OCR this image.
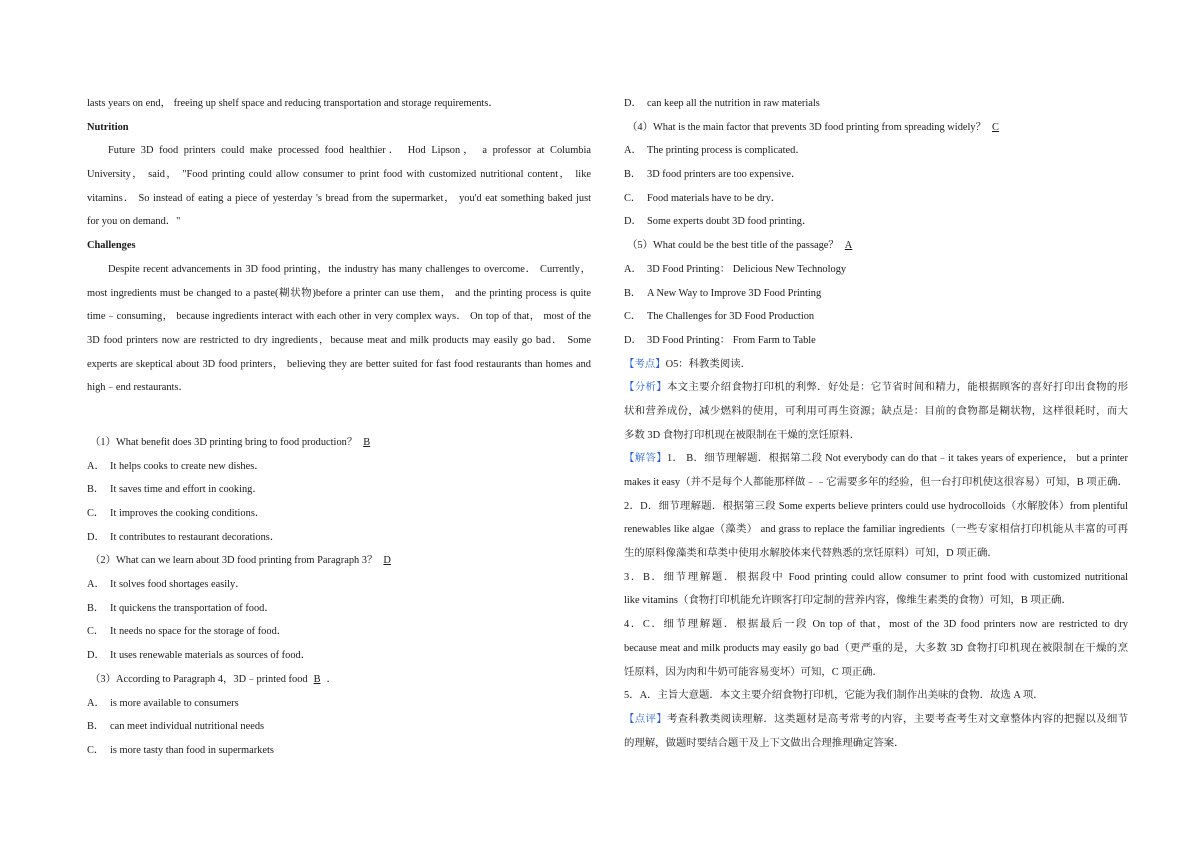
lasts years on end， freeing up shelf space and reducing transportation and storage requirements．
Nutrition
Future 3D food printers could make processed food healthier． Hod Lipson， a professor at Columbia
University， said， "Food printing could allow consumer to print food with customized nutritional content， like
vitamins． So instead of eating a piece of yesterday 's bread from the supermarket， you'd eat something baked just
for you on demand．"
Challenges
Despite recent advancements in 3D food printing，the industry has many challenges to overcome． Currently，
most ingredients must be changed to a paste(糊状物)before a printer can use them， and the printing process is quite
time﹣consuming， because ingredients interact with each other in very complex ways． On top of that， most of the
3D food printers now are restricted to dry ingredients，because meat and milk products may easily go bad． Some
experts are skeptical about 3D food printers， believing they are better suited for fast food restaurants than homes and
high﹣end restaurants．
（1）What benefit does 3D printing bring to food production？ B
A． It helps cooks to create new dishes．
B． It saves time and effort in cooking．
C． It improves the cooking conditions．
D． It contributes to restaurant decorations．
（2）What can we learn about 3D food printing from Paragraph 3？ D
A． It solves food shortages easily．
B． It quickens the transportation of food．
C． It needs no space for the storage of food．
D． It uses renewable materials as sources of food．
（3）According to Paragraph 4，3D﹣printed food B ．
A． is more available to consumers
B． can meet individual nutritional needs
C． is more tasty than food in supermarkets
D． can keep all the nutrition in raw materials
（4）What is the main factor that prevents 3D food printing from spreading widely？ C
A． The printing process is complicated．
B． 3D food printers are too expensive．
C． Food materials have to be dry．
D． Some experts doubt 3D food printing．
（5）What could be the best title of the passage？ A
A． 3D Food Printing： Delicious New Technology
B． A New Way to Improve 3D Food Printing
C． The Challenges for 3D Food Production
D． 3D Food Printing： From Farm to Table
【考点】O5：科教类阅读．
【分析】本文主要介绍食物打印机的利弊．好处是：它节省时间和精力，能根据顾客的喜好打印出食物的形
状和营养成份，减少燃料的使用，可利用可再生资源；缺点是：目前的食物都是糊状物，这样很耗时，而大
多数 3D 食物打印机现在被限制在干燥的烹饪原料．
【解答】1． B．细节理解题．根据第二段 Not everybody can do that﹣it takes years of experience， but a printer
makes it easy（并不是每个人都能那样做﹣﹣它需要多年的经验，但一台打印机使这很容易）可知，B 项正确．
2．D．细节理解题．根据第三段 Some experts believe printers could use hydrocolloids（水解胶体）from plentiful
renewables like algae（藻类） and grass to replace the familiar ingredients（一些专家相信打印机能从丰富的可再
生的原料像藻类和草类中使用水解胶体来代替熟悉的烹饪原料）可知，D 项正确．
3．B．细节理解题．根据段中 Food printing could allow consumer to print food with customized nutritional
like vitamins（食物打印机能允许顾客打印定制的营养内容，像维生素类的食物）可知，B 项正确．
4．C．细节理解题．根据最后一段 On top of that，most of the 3D food printers now are restricted to dry
because meat and milk products may easily go bad（更严重的是，大多数 3D 食物打印机现在被限制在干燥的烹
饪原料，因为肉和牛奶可能容易变坏）可知，C 项正确．
5．A．主旨大意题．本文主要介绍食物打印机，它能为我们制作出美味的食物．故选 A 项．
【点评】考查科教类阅读理解．这类题材是高考常考的内容，主要考查考生对文章整体内容的把握以及细节
的理解，做题时要结合题干及上下文做出合理推理确定答案．
